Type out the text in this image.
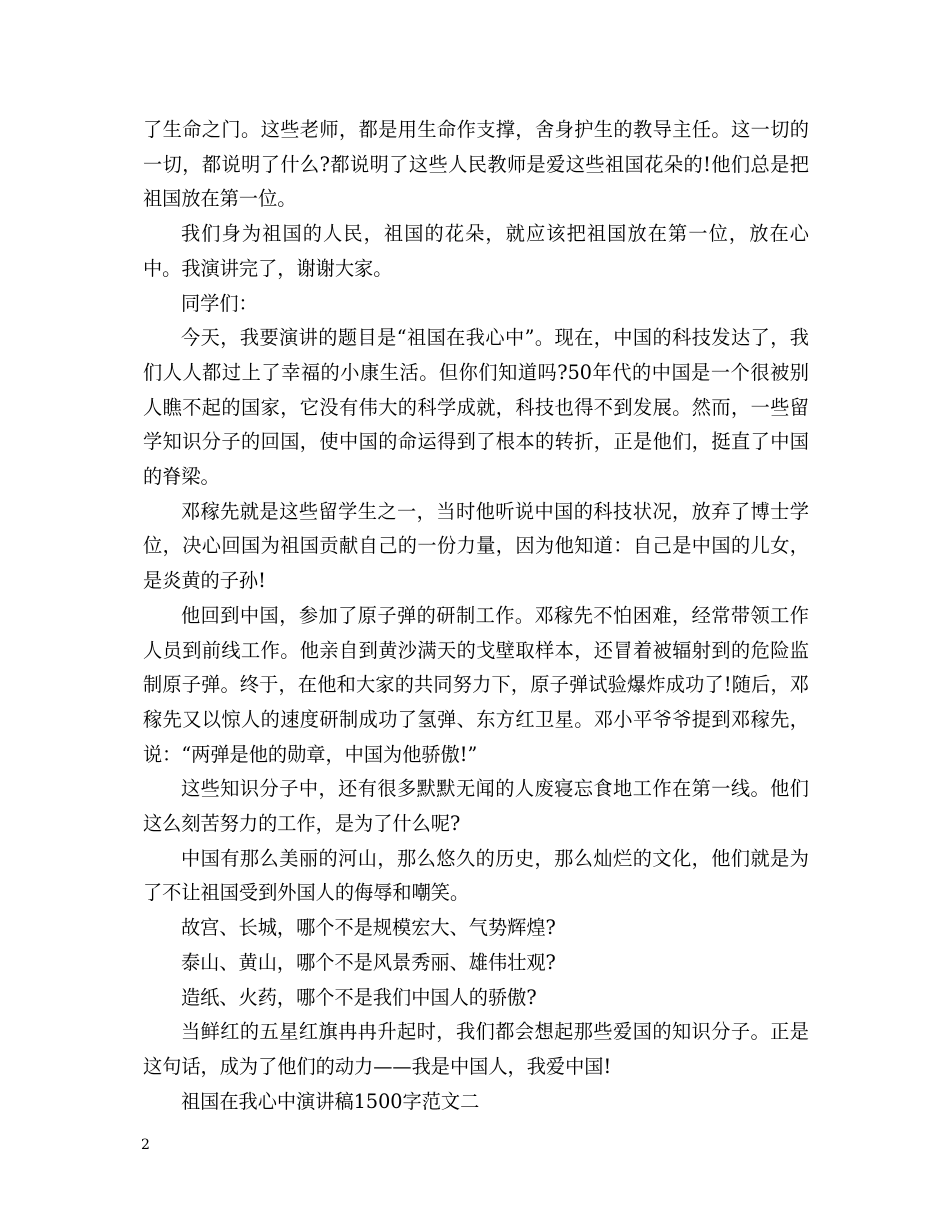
了生命之门。这些老师，都是用生命作支撑，舍身护生的教导主任。这一切的一切，都说明了什么?都说明了这些人民教师是爱这些祖国花朵的!他们总是把祖国放在第一位。

我们身为祖国的人民，祖国的花朵，就应该把祖国放在第一位，放在心中。我演讲完了，谢谢大家。

同学们：

今天，我要演讲的题目是“祖国在我心中”。现在，中国的科技发达了，我们人人都过上了幸福的小康生活。但你们知道吗?50年代的中国是一个很被别人瞧不起的国家，它没有伟大的科学成就，科技也得不到发展。然而，一些留学知识分子的回国，使中国的命运得到了根本的转折，正是他们，挺直了中国的脊梁。

邓稼先就是这些留学生之一，当时他听说中国的科技状况，放弃了博士学位，决心回国为祖国贡献自己的一份力量，因为他知道：自己是中国的儿女，是炎黄的子孙!

他回到中国，参加了原子弹的研制工作。邓稼先不怕困难，经常带领工作人员到前线工作。他亲自到黄沙满天的戈壁取样本，还冒着被辐射到的危险监制原子弹。终于，在他和大家的共同努力下，原子弹试验爆炸成功了!随后，邓稼先又以惊人的速度研制成功了氢弹、东方红卫星。邓小平爷爷提到邓稼先，说：“两弹是他的勋章，中国为他骄傲!”

这些知识分子中，还有很多默默无闻的人废寝忘食地工作在第一线。他们这么刻苦努力的工作，是为了什么呢?

中国有那么美丽的河山，那么悠久的历史，那么灿烂的文化，他们就是为了不让祖国受到外国人的侮辱和嘲笑。

故宫、长城，哪个不是规模宏大、气势辉煌?

泰山、黄山，哪个不是风景秀丽、雄伟壮观?

造纸、火药，哪个不是我们中国人的骄傲?

当鲜红的五星红旗冉冉升起时，我们都会想起那些爱国的知识分子。正是这句话，成为了他们的动力——我是中国人，我爱中国!

祖国在我心中演讲稿1500字范文二

2
